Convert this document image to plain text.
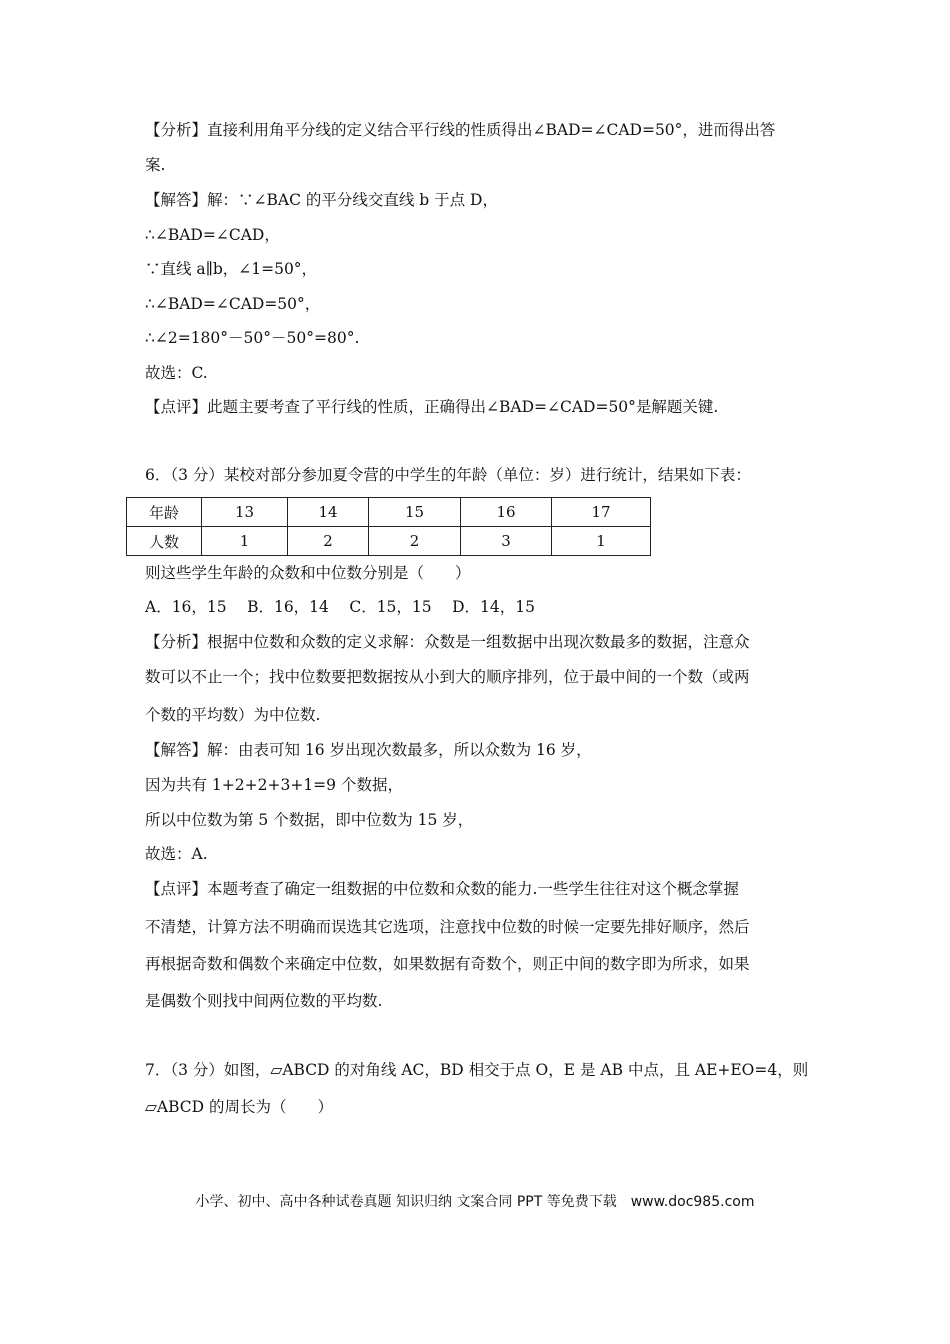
【分析】直接利用角平分线的定义结合平行线的性质得出∠BAD=∠CAD=50°，进而得出答
案.
【解答】解：∵∠BAC 的平分线交直线 b 于点 D，
∴∠BAD=∠CAD，
∵直线 a∥b，∠1=50°，
∴∠BAD=∠CAD=50°，
∴∠2=180°－50°－50°=80°.
故选：C.
【点评】此题主要考查了平行线的性质，正确得出∠BAD=∠CAD=50°是解题关键.
6．（3 分）某校对部分参加夏令营的中学生的年龄（单位：岁）进行统计，结果如下表：
年龄	13	14	15	16	17
人数	1	2	2	3	1
则这些学生年龄的众数和中位数分别是（　　）
A．16，15　 B．16，14　 C．15，15　 D．14，15
【分析】根据中位数和众数的定义求解：众数是一组数据中出现次数最多的数据，注意众
数可以不止一个；找中位数要把数据按从小到大的顺序排列，位于最中间的一个数（或两
个数的平均数）为中位数.
【解答】解：由表可知 16 岁出现次数最多，所以众数为 16 岁，
因为共有 1+2+2+3+1=9 个数据，
所以中位数为第 5 个数据，即中位数为 15 岁，
故选：A.
【点评】本题考查了确定一组数据的中位数和众数的能力.一些学生往往对这个概念掌握
不清楚，计算方法不明确而误选其它选项，注意找中位数的时候一定要先排好顺序，然后
再根据奇数和偶数个来确定中位数，如果数据有奇数个，则正中间的数字即为所求，如果
是偶数个则找中间两位数的平均数.
7．（3 分）如图，▱ABCD 的对角线 AC，BD 相交于点 O，E 是 AB 中点，且 AE+EO=4，则
▱ABCD 的周长为（　　）
小学、初中、高中各种试卷真题 知识归纳 文案合同 PPT 等免费下载　www.doc985.com
